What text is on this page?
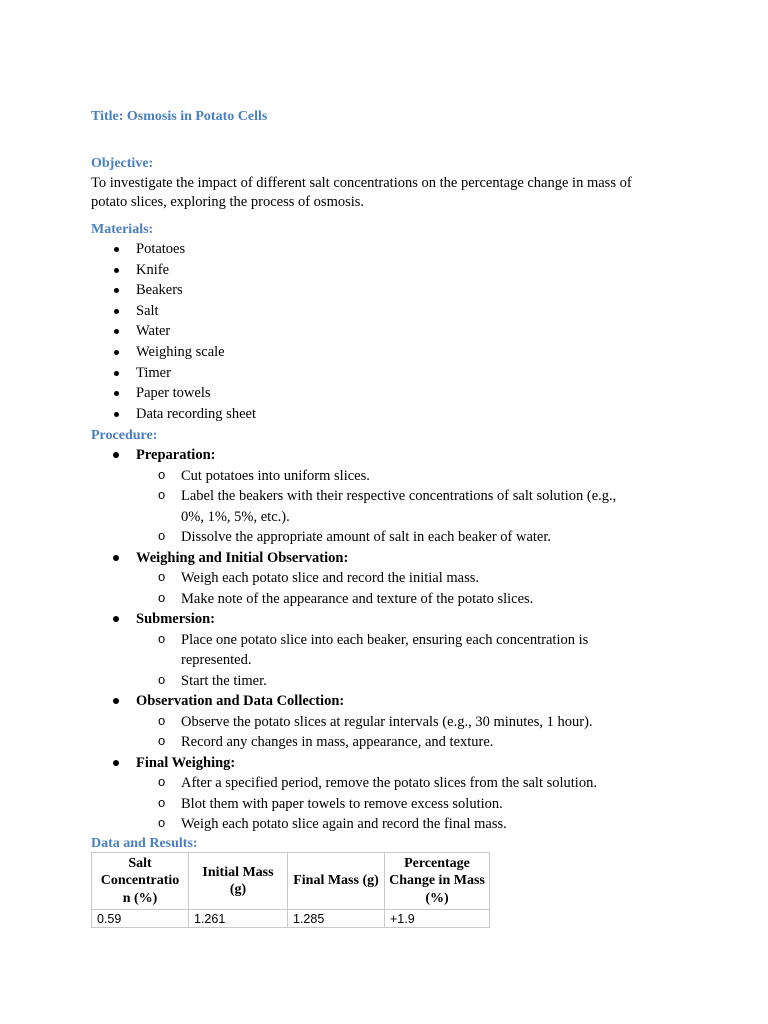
Title: Osmosis in Potato Cells
Objective:

To investigate the impact of different salt concentrations on the percentage change in mass of potato slices, exploring the process of osmosis.

Materials:
Potatoes
Knife
Beakers
Salt
Water
Weighing scale
Timer
Paper towels
Data recording sheet
Procedure:
Preparation:
o Cut potatoes into uniform slices.
o Label the beakers with their respective concentrations of salt solution (e.g., 0%, 1%, 5%, etc.).
o Dissolve the appropriate amount of salt in each beaker of water.
Weighing and Initial Observation:
o Weigh each potato slice and record the initial mass.
o Make note of the appearance and texture of the potato slices.
Submersion:
o Place one potato slice into each beaker, ensuring each concentration is represented.
o Start the timer.
Observation and Data Collection:
o Observe the potato slices at regular intervals (e.g., 30 minutes, 1 hour).
o Record any changes in mass, appearance, and texture.
Final Weighing:
o After a specified period, remove the potato slices from the salt solution.
o Blot them with paper towels to remove excess solution.
o Weigh each potato slice again and record the final mass.
Data and Results:
Salt Concentratio n (%)	Initial Mass (g)	Final Mass (g)	Percentage Change in Mass (%)
0.59	1.261	1.285	+1.9
